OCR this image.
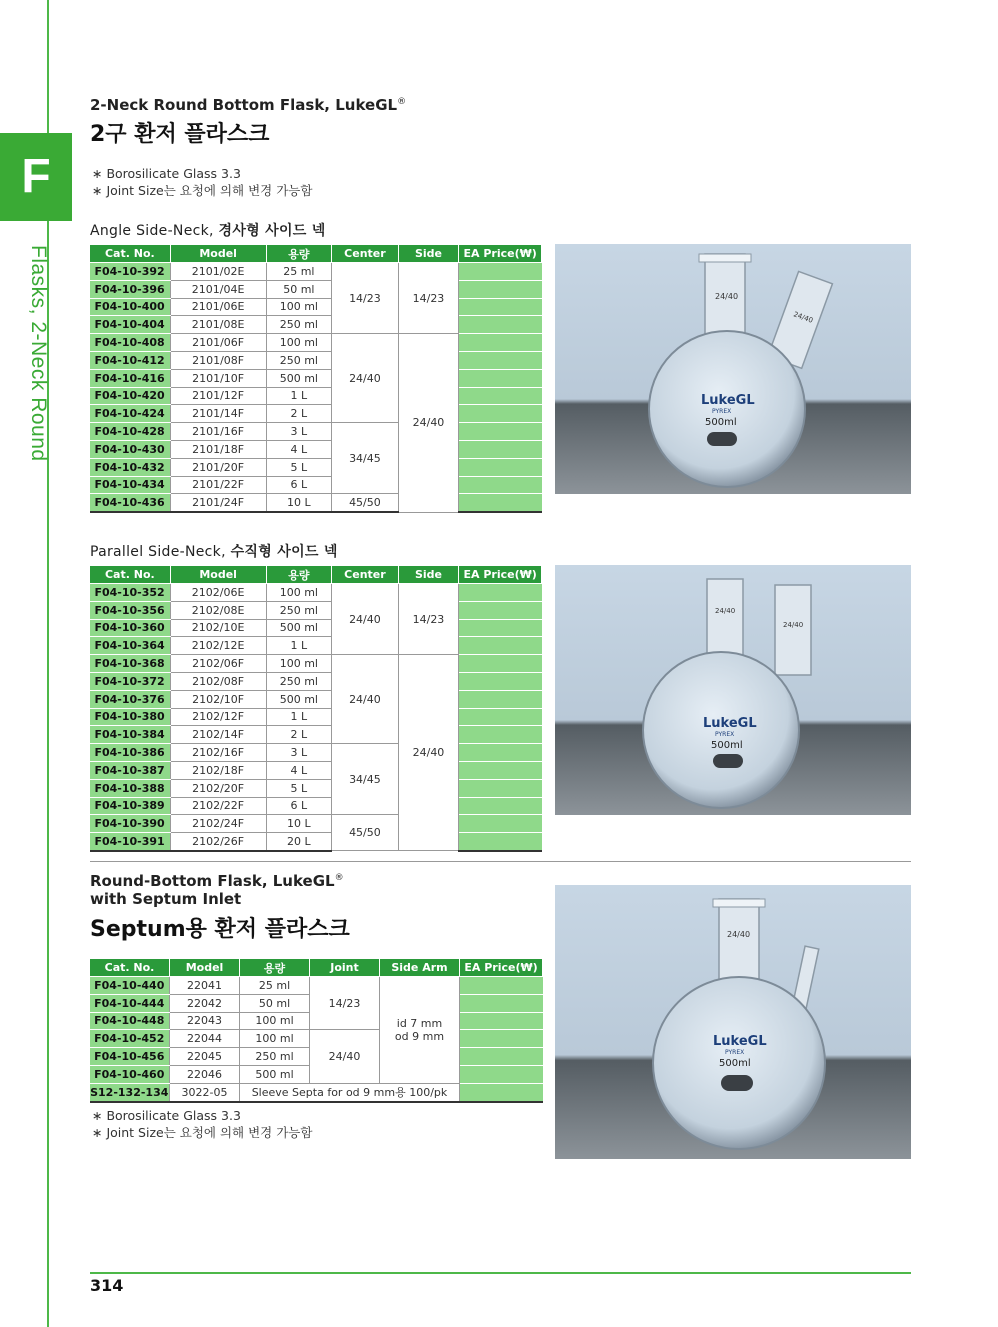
F
Flasks, 2-Neck Round
2-Neck Round Bottom Flask, LukeGL®
2구 환저 플라스크
∗ Borosilicate Glass 3.3
∗ Joint Size는 요청에 의해 변경 가능함
Angle Side-Neck, 경사형 사이드 넥
Cat. No.	Model	용량	Center	Side	EA Price(₩)
F04-10-392	2101/02E	25 ml	14/23	14/23	
F04-10-396	2101/04E	50 ml			
F04-10-400	2101/06E	100 ml			
F04-10-404	2101/08E	250 ml			
F04-10-408	2101/06F	100 ml	24/40	24/40	
F04-10-412	2101/08F	250 ml			
F04-10-416	2101/10F	500 ml			
F04-10-420	2101/12F	1 L			
F04-10-424	2101/14F	2 L			
F04-10-428	2101/16F	3 L	34/45		
F04-10-430	2101/18F	4 L			
F04-10-432	2101/20F	5 L			
F04-10-434	2101/22F	6 L			
F04-10-436	2101/24F	10 L	45/50		
24/40
24/40
LukeGL
PYREX
500ml
Parallel Side-Neck, 수직형 사이드 넥
Cat. No.	Model	용량	Center	Side	EA Price(₩)
F04-10-352	2102/06E	100 ml	24/40	14/23	
F04-10-356	2102/08E	250 ml			
F04-10-360	2102/10E	500 ml			
F04-10-364	2102/12E	1 L			
F04-10-368	2102/06F	100 ml	24/40	24/40	
F04-10-372	2102/08F	250 ml			
F04-10-376	2102/10F	500 ml			
F04-10-380	2102/12F	1 L			
F04-10-384	2102/14F	2 L			
F04-10-386	2102/16F	3 L	34/45		
F04-10-387	2102/18F	4 L			
F04-10-388	2102/20F	5 L			
F04-10-389	2102/22F	6 L			
F04-10-390	2102/24F	10 L	45/50		
F04-10-391	2102/26F	20 L			
24/40
24/40
LukeGL
PYREX
500ml
Round-Bottom Flask, LukeGL®
with Septum Inlet
Septum용 환저 플라스크
Cat. No.	Model	용량	Joint	Side Arm	EA Price(₩)
F04-10-440	22041	25 ml	14/23	id 7 mm
od 9 mm	

F04-10-444	22042	50 ml			
F04-10-448	22043	100 ml			
F04-10-452	22044	100 ml	24/40		
F04-10-456	22045	250 ml			
F04-10-460	22046	500 ml			
S12-132-134	3022-05	Sleeve Septa for od 9 mm용 100/pk			
∗ Borosilicate Glass 3.3
∗ Joint Size는 요청에 의해 변경 가능함
24/40
LukeGL
PYREX
500ml
314
